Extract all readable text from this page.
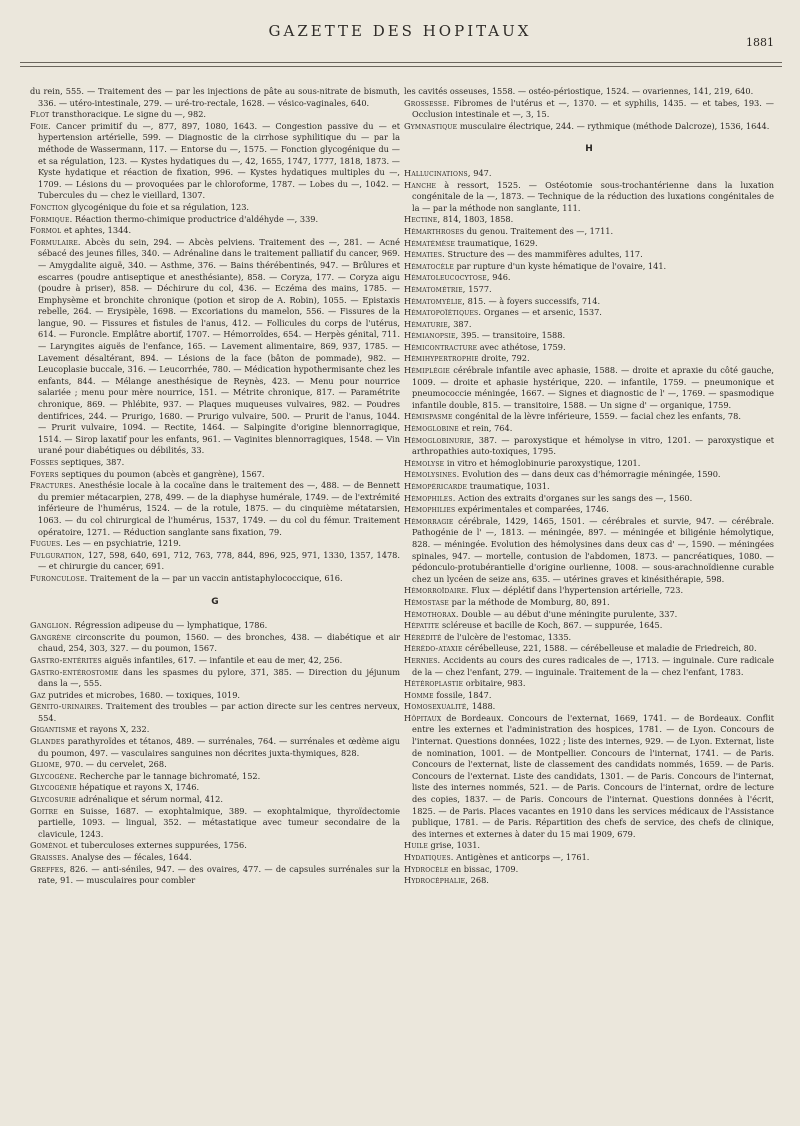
GAZETTE DES HOPITAUX
1881

du rein, 555. — Traitement des — par les injections de pâte au sous-nitrate de bismuth, 336. — utéro-intestinale, 279. — uré-tro-rectale, 1628. — vésico-vaginales, 640.

Flot transthoracique. Le signe du —, 982.

Foie. Cancer primitif du —, 877, 897, 1080, 1643. — Congestion passive du — et hypertension artérielle, 599. — Diagnostic de la cirrhose syphilitique du — par la méthode de Wassermann, 117. — Entorse du —, 1575. — Fonction glycogénique du — et sa régulation, 123. — Kystes hydatiques du —, 42, 1655, 1747, 1777, 1818, 1873. — Kyste hydatique et réaction de fixation, 996. — Kystes hydatiques multiples du —, 1709. — Lésions du — provoquées par le chloroforme, 1787. — Lobes du —, 1042. — Tubercules du — chez le vieillard, 1307.

Fonction glycogénique du foie et sa régulation, 123.

Formique. Réaction thermo-chimique productrice d'aldéhyde —, 339.

Formol et aphtes, 1344.

Formulaire. Abcès du sein, 294. — Abcès pelviens. Traitement des —, 281. — Acné sébacé des jeunes filles, 340. — Adrénaline dans le traitement palliatif du cancer, 969. — Amygdalite aiguë, 340. — Asthme, 376. — Bains thérébentinés, 947. — Brûlures et escarres (poudre antiseptique et anesthésiante), 858. — Coryza, 177. — Coryza aigu (poudre à priser), 858. — Déchirure du col, 436. — Eczéma des mains, 1785. — Emphysème et bronchite chronique (potion et sirop de A. Robin), 1055. — Epistaxis rebelle, 264. — Erysipèle, 1698. — Excoriations du mamelon, 556. — Fissures de la langue, 90. — Fissures et fistules de l'anus, 412. — Follicules du corps de l'utérus, 614. — Furoncle. Emplâtre abortif, 1707. — Hémorroïdes, 654. — Herpès génital, 711. — Laryngites aiguës de l'enfance, 165. — Lavement alimentaire, 869, 937, 1785. — Lavement désaltérant, 894. — Lésions de la face (bâton de pommade), 982. — Leucoplasie buccale, 316. — Leucorrhée, 780. — Médication hypothermisante chez les enfants, 844. — Mélange anesthésique de Reynès, 423. — Menu pour nourrice salariée ; menu pour mère nourrice, 151. — Métrite chronique, 817. — Paramétrite chronique, 869. — Phlébite, 937. — Plaques muqueuses vulvaires, 982. — Poudres dentifrices, 244. — Prurigo, 1680. — Prurigo vulvaire, 500. — Prurit de l'anus, 1044. — Prurit vulvaire, 1094. — Rectite, 1464. — Salpingite d'origine blennorragique, 1514. — Sirop laxatif pour les enfants, 961. — Vaginites blennorragiques, 1548. — Vin urané pour diabétiques ou débilités, 33.

Fosses septiques, 387.

Foyers septiques du poumon (abcès et gangrène), 1567.

Fractures. Anesthésie locale à la cocaïne dans le traitement des —, 488. — de Bennett du premier métacarpien, 278, 499. — de la diaphyse humérale, 1749. — de l'extrémité inférieure de l'humérus, 1524. — de la rotule, 1875. — du cinquième métatarsien, 1063. — du col chirurgical de l'humérus, 1537, 1749. — du col du fémur. Traitement opératoire, 1271. — Réduction sanglante sans fixation, 79.

Fugues. Les — en psychiatrie, 1219.

Fulguration, 127, 598, 640, 691, 712, 763, 778, 844, 896, 925, 971, 1330, 1357, 1478. — et chirurgie du cancer, 691.

Furonculose. Traitement de la — par un vaccin antistaphylococcique, 616.

G

Ganglion. Régression adipeuse du — lymphatique, 1786.

Gangrène circonscrite du poumon, 1560. — des bronches, 438. — diabétique et air chaud, 254, 303, 327. — du poumon, 1567.

Gastro-entérites aiguës infantiles, 617. — infantile et eau de mer, 42, 256.

Gastro-entérostomie dans les spasmes du pylore, 371, 385. — Direction du jéjunum dans la —, 555.

Gaz putrides et microbes, 1680. — toxiques, 1019.

Génito-urinaires. Traitement des troubles — par action directe sur les centres nerveux, 554.

Gigantisme et rayons X, 232.

Glandes parathyroïdes et tétanos, 489. — surrénales, 764. — surrénales et œdème aigu du poumon, 497. — vasculaires sanguines non décrites juxta-thymiques, 828.

Gliome, 970. — du cervelet, 268.

Glycogène. Recherche par le tannage bichromaté, 152.

Glycogénie hépatique et rayons X, 1746.

Glycosurie adrénalique et sérum normal, 412.

Goitre en Suisse, 1687. — exophtalmique, 389. — exophtalmique, thyroïdectomie partielle, 1093. — lingual, 352. — métastatique avec tumeur secondaire de la clavicule, 1243.

Goménol et tuberculoses externes suppurées, 1756.

Graisses. Analyse des — fécales, 1644.

Greffes, 826. — anti-séniles, 947. — des ovaires, 477. — de capsules surrénales sur la rate, 91. — musculaires pour combler

les cavités osseuses, 1558. — ostéo-périostique, 1524. — ovariennes, 141, 219, 640.

Grossesse. Fibromes de l'utérus et —, 1370. — et syphilis, 1435. — et tabes, 193. — Occlusion intestinale et —, 3, 15.

Gymnastique musculaire électrique, 244. — rythmique (méthode Dalcroze), 1536, 1644.

H

Hallucinations, 947.

Hanche à ressort, 1525. — Ostéotomie sous-trochantérienne dans la luxation congénitale de la —, 1873. — Technique de la réduction des luxations congénitales de la — par la méthode non sanglante, 111.

Hectine, 814, 1803, 1858.

Hémarthroses du genou. Traitement des —, 1711.

Hématémèse traumatique, 1629.

Hématies. Structure des — des mammifères adultes, 117.

Hématocèle par rupture d'un kyste hématique de l'ovaire, 141.

Hématoleucocytose, 946.

Hématométrie, 1577.

Hématomyélie, 815. — à foyers successifs, 714.

Hématopoïétiques. Organes — et arsenic, 1537.

Hématurie, 387.

Hémianopsie, 395. — transitoire, 1588.

Hémicontracture avec athétose, 1759.

Hémihypertrophie droite, 792.

Hémiplégie cérébrale infantile avec aphasie, 1588. — droite et apraxie du côté gauche, 1009. — droite et aphasie hystérique, 220. — infantile, 1759. — pneumonique et pneumococcie méningée, 1667. — Signes et diagnostic de l' —, 1769. — spasmodique infantile double, 815. — transitoire, 1588. — Un signe d' — organique, 1759.

Hémispasme congénital de la lèvre inférieure, 1559. — facial chez les enfants, 78.

Hémoglobine et rein, 764.

Hémoglobinurie, 387. — paroxystique et hémolyse in vitro, 1201. — paroxystique et arthropathies auto-toxiques, 1795.

Hémolyse in vitro et hémoglobinurie paroxystique, 1201.

Hémolysines. Evolution des — dans deux cas d'hémorragie méningée, 1590.

Hémopéricarde traumatique, 1031.

Hémophiles. Action des extraits d'organes sur les sangs des —, 1560.

Hémophilies expérimentales et comparées, 1746.

Hémorragie cérébrale, 1429, 1465, 1501. — cérébrales et survie, 947. — cérébrale. Pathogénie de l' —, 1813. — méningée, 897. — méningée et biligénie hémolytique, 828. — méningée. Evolution des hémolysines dans deux cas d' —, 1590. — méningées spinales, 947. — mortelle, contusion de l'abdomen, 1873. — pancréatiques, 1080. — pédonculo-protubérantielle d'origine ourlienne, 1008. — sous-arachnoïdienne curable chez un lycéen de seize ans, 635. — utérines graves et kinésithérapie, 598.

Hémorroïdaire. Flux — déplétif dans l'hypertension artérielle, 723.

Hémostase par la méthode de Momburg, 80, 891.

Hémothorax. Double — au début d'une méningite purulente, 337.

Hépatite scléreuse et bacille de Koch, 867. — suppurée, 1645.

Hérédité de l'ulcère de l'estomac, 1335.

Hérédo-ataxie cérébelleuse, 221, 1588. — cérébelleuse et maladie de Friedreich, 80.

Hernies. Accidents au cours des cures radicales de —, 1713. — inguinale. Cure radicale de la — chez l'enfant, 279. — inguinale. Traitement de la — chez l'enfant, 1783.

Hétéroplastie orbitaire, 983.

Homme fossile, 1847.

Homosexualité, 1488.

Hôpitaux de Bordeaux. Concours de l'externat, 1669, 1741. — de Bordeaux. Conflit entre les externes et l'administration des hospices, 1781. — de Lyon. Concours de l'internat. Questions données, 1022 ; liste des internes, 929. — de Lyon. Externat, liste de nomination, 1001. — de Montpellier. Concours de l'internat, 1741. — de Paris. Concours de l'externat, liste de classement des candidats nommés, 1659. — de Paris. Concours de l'externat. Liste des candidats, 1301. — de Paris. Concours de l'internat, liste des internes nommés, 521. — de Paris. Concours de l'internat, ordre de lecture des copies, 1837. — de Paris. Concours de l'internat. Questions données à l'écrit, 1825. — de Paris. Places vacantes en 1910 dans les services médicaux de l'Assistance publique, 1781. — de Paris. Répartition des chefs de service, des chefs de clinique, des internes et externes à dater du 15 mai 1909, 679.

Huile grise, 1031.

Hydatiques. Antigènes et anticorps —, 1761.

Hydrocèle en bissac, 1709.

Hydrocéphalie, 268.
